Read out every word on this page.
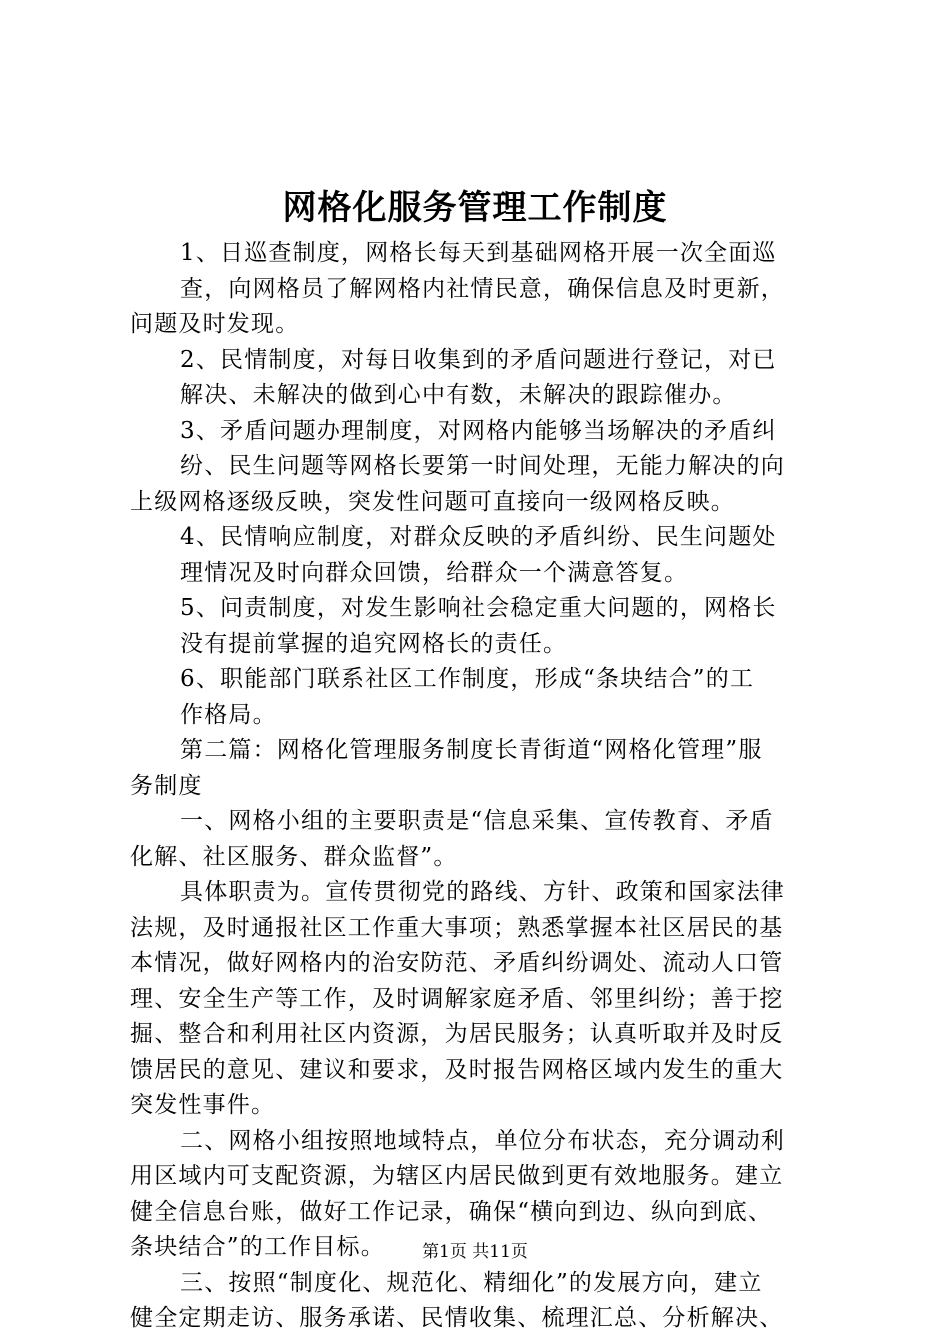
网格化服务管理工作制度
1、日巡查制度，网格长每天到基础网格开展一次全面巡
查，向网格员了解网格内社情民意，确保信息及时更新，
问题及时发现。
2、民情制度，对每日收集到的矛盾问题进行登记，对已
解决、未解决的做到心中有数，未解决的跟踪催办。
3、矛盾问题办理制度，对网格内能够当场解决的矛盾纠
纷、民生问题等网格长要第一时间处理，无能力解决的向
上级网格逐级反映，突发性问题可直接向一级网格反映。
4、民情响应制度，对群众反映的矛盾纠纷、民生问题处
理情况及时向群众回馈，给群众一个满意答复。
5、问责制度，对发生影响社会稳定重大问题的，网格长
没有提前掌握的追究网格长的责任。
6、职能部门联系社区工作制度，形成“条块结合”的工
作格局。
第二篇：网格化管理服务制度长青街道“网格化管理”服
务制度
一、网格小组的主要职责是“信息采集、宣传教育、矛盾
化解、社区服务、群众监督”。
具体职责为。宣传贯彻党的路线、方针、政策和国家法律
法规，及时通报社区工作重大事项；熟悉掌握本社区居民的基
本情况，做好网格内的治安防范、矛盾纠纷调处、流动人口管
理、安全生产等工作，及时调解家庭矛盾、邻里纠纷；善于挖
掘、整合和利用社区内资源，为居民服务；认真听取并及时反
馈居民的意见、建议和要求，及时报告网格区域内发生的重大
突发性事件。
二、网格小组按照地域特点，单位分布状态，充分调动利
用区域内可支配资源，为辖区内居民做到更有效地服务。建立
健全信息台账，做好工作记录，确保“横向到边、纵向到底、
条块结合”的工作目标。
三、按照“制度化、规范化、精细化”的发展方向，建立
健全定期走访、服务承诺、民情收集、梳理汇总、分析解决、
第1页 共11页
